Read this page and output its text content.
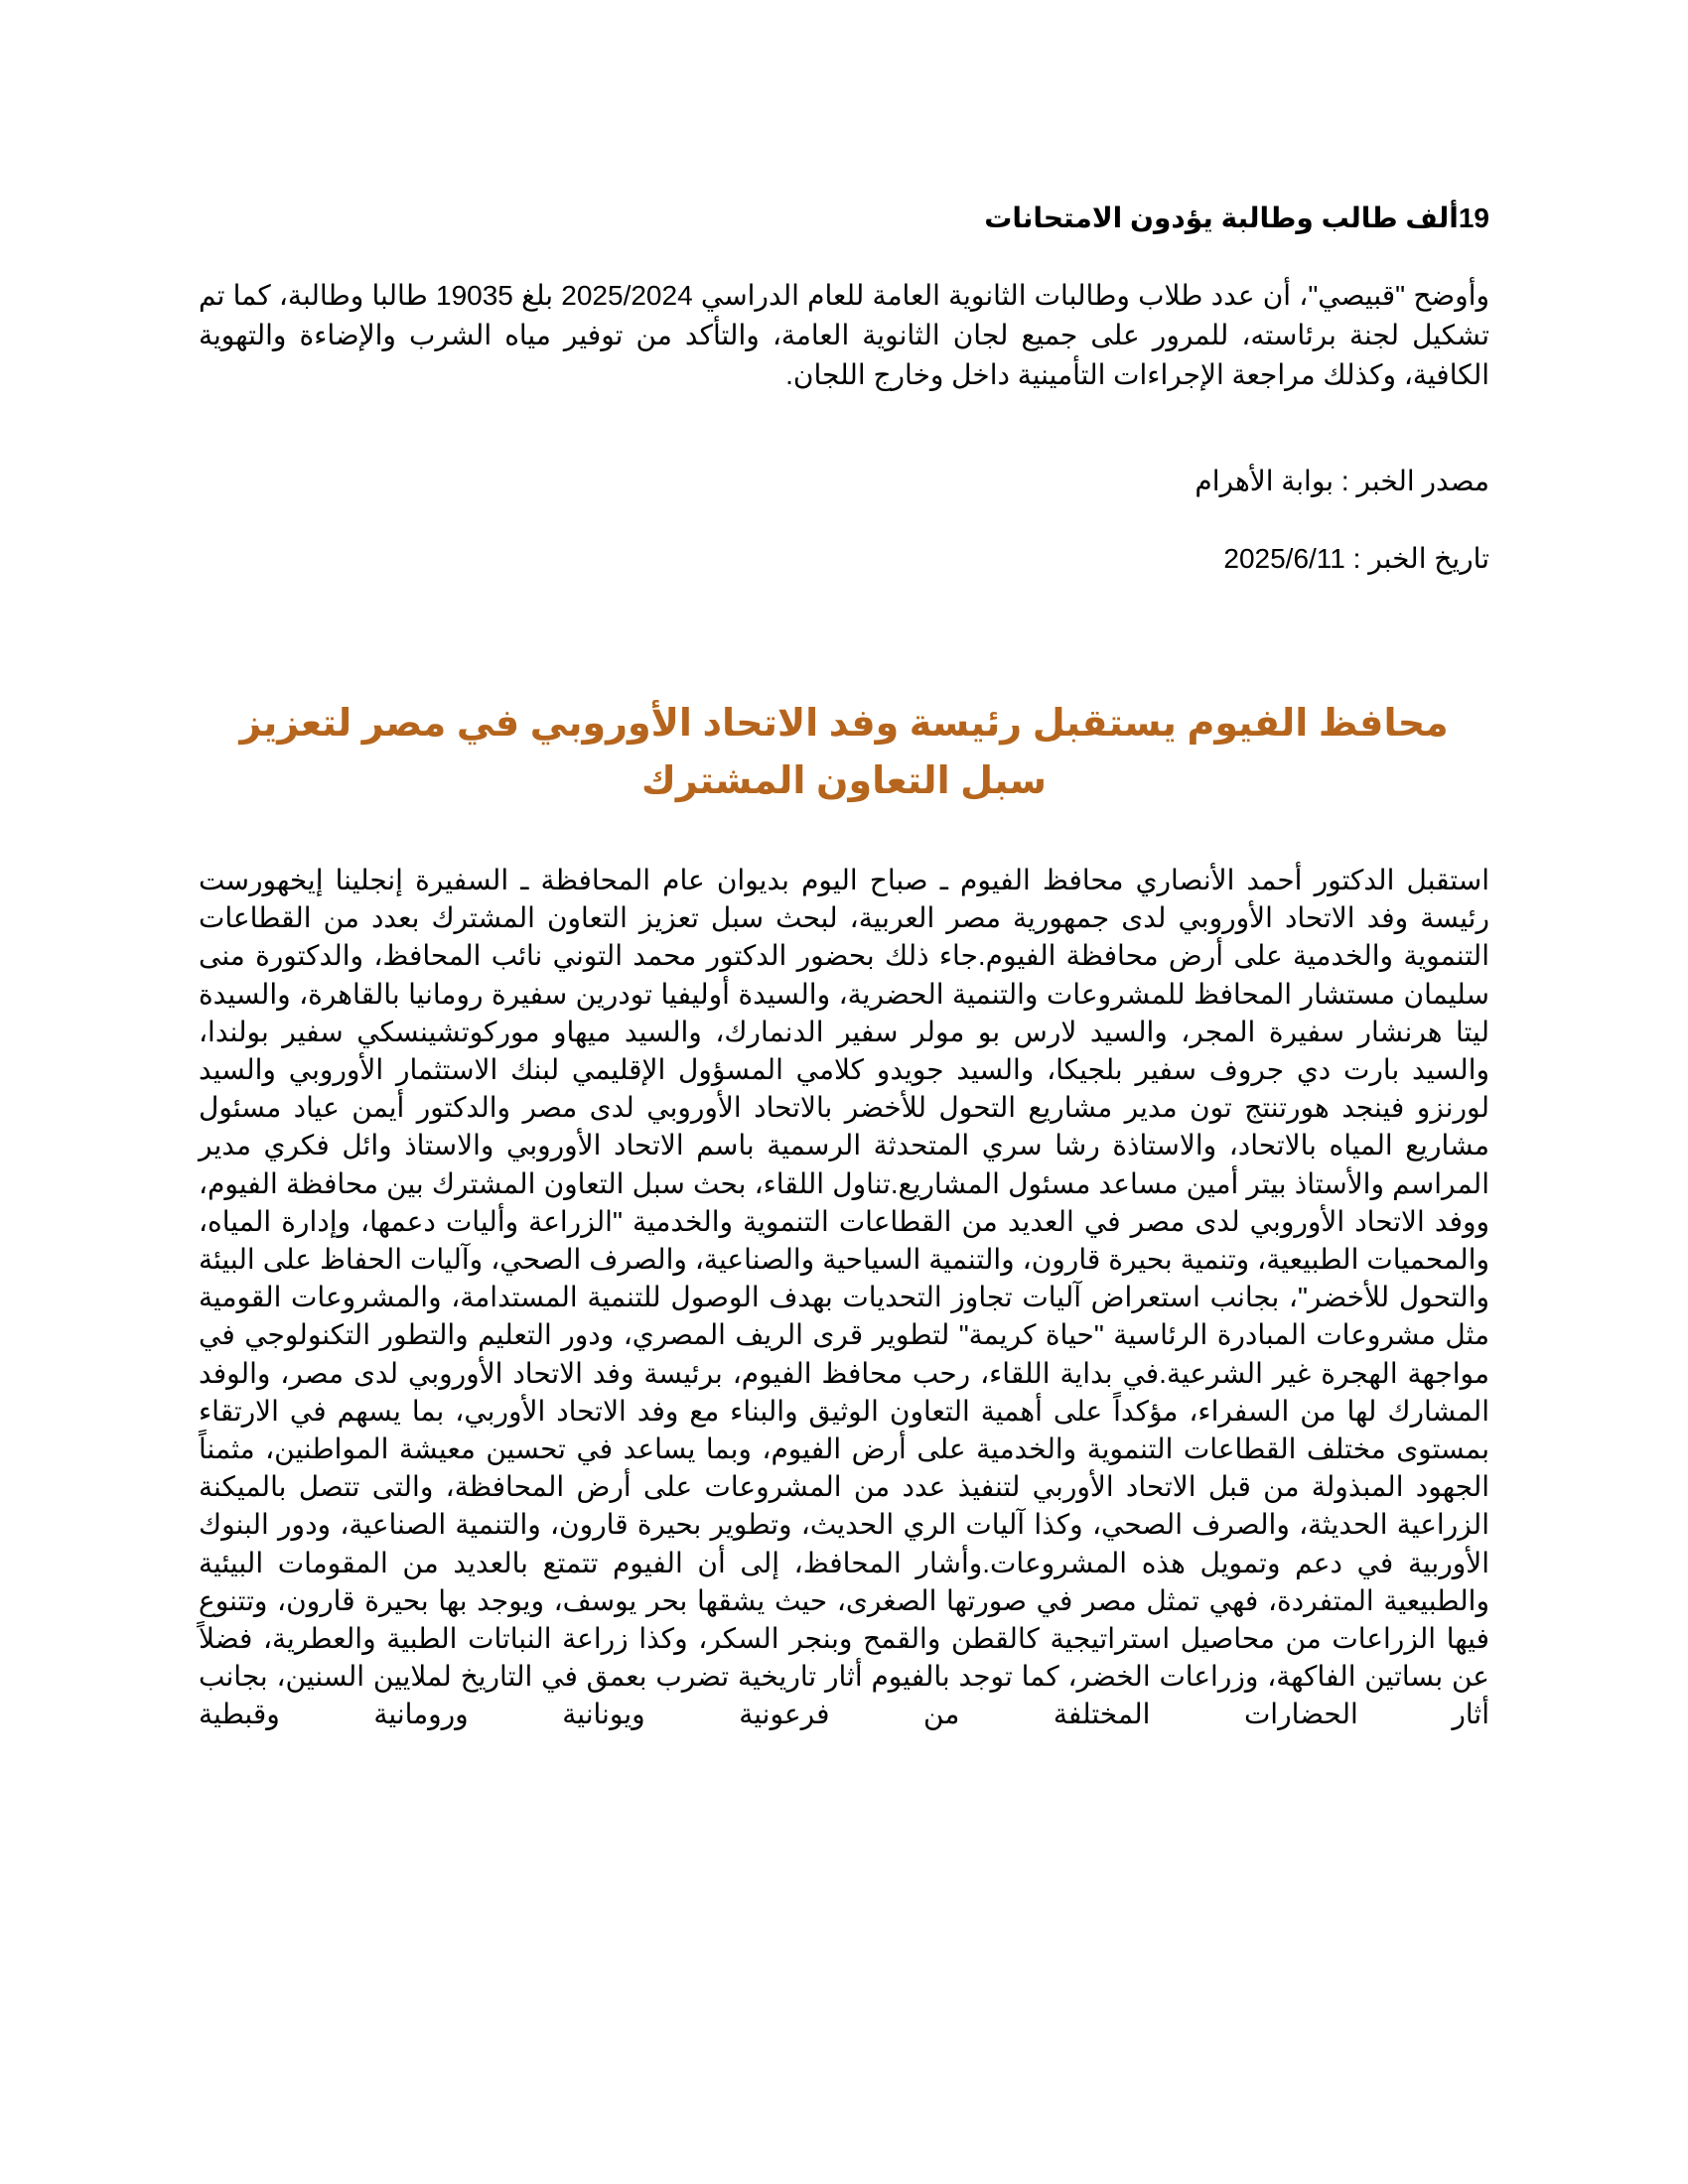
19ألف طالب وطالبة يؤدون الامتحانات

وأوضح "قبيصي"، أن عدد طلاب وطالبات الثانوية العامة للعام الدراسي 2025/2024 بلغ 19035 طالبا وطالبة، كما تم تشكيل لجنة برئاسته، للمرور على جميع لجان الثانوية العامة، والتأكد من توفير مياه الشرب والإضاءة والتهوية الكافية، وكذلك مراجعة الإجراءات التأمينية داخل وخارج اللجان.

مصدر الخبر : بوابة الأهرام

تاريخ الخبر : 2025/6/11

محافظ الفيوم يستقبل رئيسة وفد الاتحاد الأوروبي في مصر لتعزيز سبل التعاون المشترك

استقبل الدكتور أحمد الأنصاري محافظ الفيوم ـ صباح اليوم بديوان عام المحافظة ـ السفيرة إنجلينا إيخهورست رئيسة وفد الاتحاد الأوروبي لدى جمهورية مصر العربية، لبحث سبل تعزيز التعاون المشترك بعدد من القطاعات التنموية والخدمية على أرض محافظة الفيوم.جاء ذلك بحضور الدكتور محمد التوني نائب المحافظ، والدكتورة منى سليمان مستشار المحافظ للمشروعات والتنمية الحضرية، والسيدة أوليفيا تودرين سفيرة رومانيا بالقاهرة، والسيدة ليتا هرنشار سفيرة المجر، والسيد لارس بو مولر سفير الدنمارك، والسيد ميهاو موركوتشينسكي سفير بولندا، والسيد بارت دي جروف سفير بلجيكا، والسيد جويدو كلامي المسؤول الإقليمي لبنك الاستثمار الأوروبي والسيد لورنزو فينجد هورتنتج تون مدير مشاريع التحول للأخضر بالاتحاد الأوروبي لدى مصر والدكتور أيمن عياد مسئول مشاريع المياه بالاتحاد، والاستاذة رشا سري المتحدثة الرسمية باسم الاتحاد الأوروبي والاستاذ وائل فكري مدير المراسم والأستاذ بيتر أمين مساعد مسئول المشاريع.تناول اللقاء، بحث سبل التعاون المشترك بين محافظة الفيوم، ووفد الاتحاد الأوروبي لدى مصر في العديد من القطاعات التنموية والخدمية "الزراعة وأليات دعمها، وإدارة المياه، والمحميات الطبيعية، وتنمية بحيرة قارون، والتنمية السياحية والصناعية، والصرف الصحي، وآليات الحفاظ على البيئة والتحول للأخضر"، بجانب استعراض آليات تجاوز التحديات بهدف الوصول للتنمية المستدامة، والمشروعات القومية مثل مشروعات المبادرة الرئاسية "حياة كريمة" لتطوير قرى الريف المصري، ودور التعليم والتطور التكنولوجي في مواجهة الهجرة غير الشرعية.في بداية اللقاء، رحب محافظ الفيوم، برئيسة وفد الاتحاد الأوروبي لدى مصر، والوفد المشارك لها من السفراء، مؤكداً على أهمية التعاون الوثيق والبناء مع وفد الاتحاد الأوربي، بما يسهم في الارتقاء بمستوى مختلف القطاعات التنموية والخدمية على أرض الفيوم، وبما يساعد في تحسين معيشة المواطنين، مثمناً الجهود المبذولة من قبل الاتحاد الأوربي لتنفيذ عدد من المشروعات على أرض المحافظة، والتى تتصل بالميكنة الزراعية الحديثة، والصرف الصحي، وكذا آليات الري الحديث، وتطوير بحيرة قارون، والتنمية الصناعية، ودور البنوك الأوربية في دعم وتمويل هذه المشروعات.وأشار المحافظ، إلى أن الفيوم تتمتع بالعديد من المقومات البيئية والطبيعية المتفردة، فهي تمثل مصر في صورتها الصغرى، حيث يشقها بحر يوسف، ويوجد بها بحيرة قارون، وتتنوع فيها الزراعات من محاصيل استراتيجية كالقطن والقمح وبنجر السكر، وكذا زراعة النباتات الطبية والعطرية، فضلاً عن بساتين الفاكهة، وزراعات الخضر، كما توجد بالفيوم أثار تاريخية تضرب بعمق في التاريخ لملايين السنين، بجانب أثار الحضارات المختلفة من فرعونية ويونانية ورومانية وقبطية
